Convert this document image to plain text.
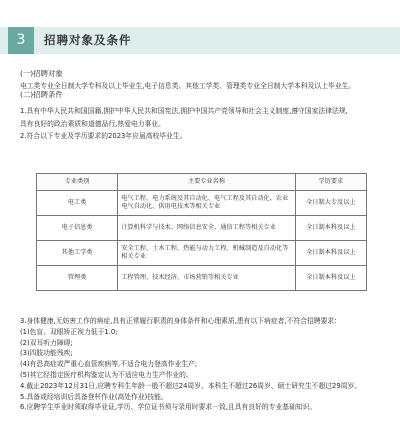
3	招聘对象及条件

(一)招聘对象

电工类专业全日制大学专科及以上毕业生,电子信息类、其他工学类、管理类专业全日制大学本科及以上毕业生。

(二)招聘条件

1.具有中华人民共和国国籍,拥护中华人民共和国宪法,拥护中国共产党领导和社会主义制度,遵守国家法律法规,

具有良好的政治素质和道德品行,热爱电力事业。

2.符合以下专业及学历要求的2023年应届高校毕业生。

专业类别	主要专业名称	学历要求
电工类	电气工程、电力系统及其自动化、电气工程及其自动化、农业电气自动化、供用电技术等相关专业	全日制大专及以上
电子信息类	计算机科学与技术、网络信息安全、通信工程等相关专业	全日制本科及以上
其他工学类	安全工程、土木工程、热能与动力工程、机械制造及自动化等相关专业	全日制本科及以上
管理类	工程管理、技术经济、市场营销等相关专业	全日制本科及以上

3.身体健康,无妨害工作的病症,具有正常履行职责的身体条件和心理素质,患有以下病症者,不符合招聘要求:

(1)色盲、双眼矫正视力低于1.0;

(2)双耳听力障碍;

(3)四肢功能残疾;

(4)有恐高症或严重心血管疾病等,不适合电力登高作业生产;

(5)其它经指定医疗机构鉴定认为不适应电力生产作业的。

4.截止2023年12月31日,应聘专科生年龄一般不超过24周岁、本科生不超过26周岁、硕士研究生不超过29周岁。

5.具备或经培训后具备登杆作业(高处作业)技能。

6.应聘学生毕业时须取得毕业证,学历、学位证书须与录用时要求一致,且具有良好的专业基础知识。
